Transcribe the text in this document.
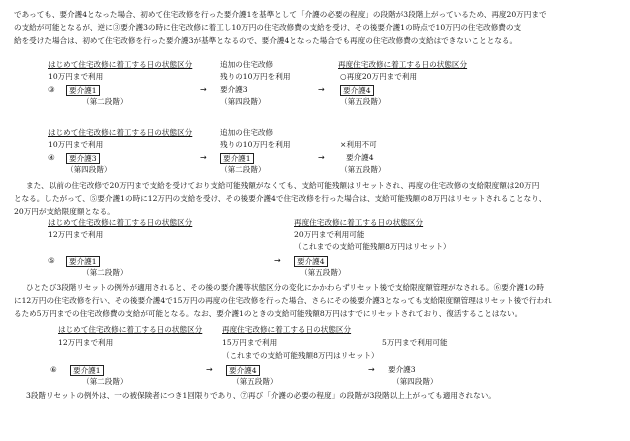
であっても、要介護4となった場合、初めて住宅改修を行った要介護1を基準として「介護の必要の程度」の段階が3段階上がっているため、再度20万円まで
の支給が可能となるが、逆に③要介護3の時に住宅改修に着工し10万円の住宅改修費の支給を受け、その後要介護1の時点で10万円の住宅改修費の支
給を受けた場合は、初めて住宅改修を行った要介護3が基準となるので、要介護4となった場合でも再度の住宅改修費の支給はできないこととなる。
はじめて住宅改修に着工する日の状態区分	追加の住宅改修	再度住宅改修に着工する日の状態区分
10万円まで利用	残りの10万円を利用	○再度20万円まで利用
③	要介護1	→ 要介護3	→	要介護4
（第二段階）	（第四段階）	（第五段階）
はじめて住宅改修に着工する日の状態区分	追加の住宅改修
10万円まで利用	残りの10万円を利用	×利用不可
④	要介護3	→	要介護1	→	要介護4
（第四段階）	（第二段階）	（第五段階）
また、以前の住宅改修で20万円まで支給を受けており支給可能残額がなくても、支給可能残額はリセットされ、再度の住宅改修の支給限度額は20万円
となる。したがって、⑤要介護1の時に12万円の支給を受け、その後要介護4で住宅改修を行った場合は、支給可能残額の8万円はリセットされることなり、
20万円が支給限度額となる。
はじめて住宅改修に着工する日の状態区分	再度住宅改修に着工する日の状態区分
12万円まで利用	20万円まで利用可能
（これまでの支給可能残額8万円はリセット）
⑤	要介護1	→	要介護4
（第二段階）	（第五段階）
ひとたび3段階リセットの例外が適用されると、その後の要介護等状態区分の変化にかかわらずリセット後で支給限度額管理がなされる。⑥要介護1の時
に12万円の住宅改修を行い、その後要介護4で15万円の再度の住宅改修を行った場合、さらにその後要介護3となっても支給限度額管理はリセット後で行われ
るため5万円までの住宅改修費の支給が可能となる。なお、要介護1のときの支給可能残額8万円はすでにリセットされており、復活することはない。
はじめて住宅改修に着工する日の状態区分	再度住宅改修に着工する日の状態区分
12万円まで利用	15万円まで利用	5万円まで利用可能
（これまでの支給可能残額8万円はリセット）
⑥	要介護1	→	要介護4	→ 要介護3
（第二段階）	（第五段階）	（第四段階）
3段階リセットの例外は、一の被保険者につき1回限りであり、⑦再び「介護の必要の程度」の段階が3段階以上上がっても適用されない。
